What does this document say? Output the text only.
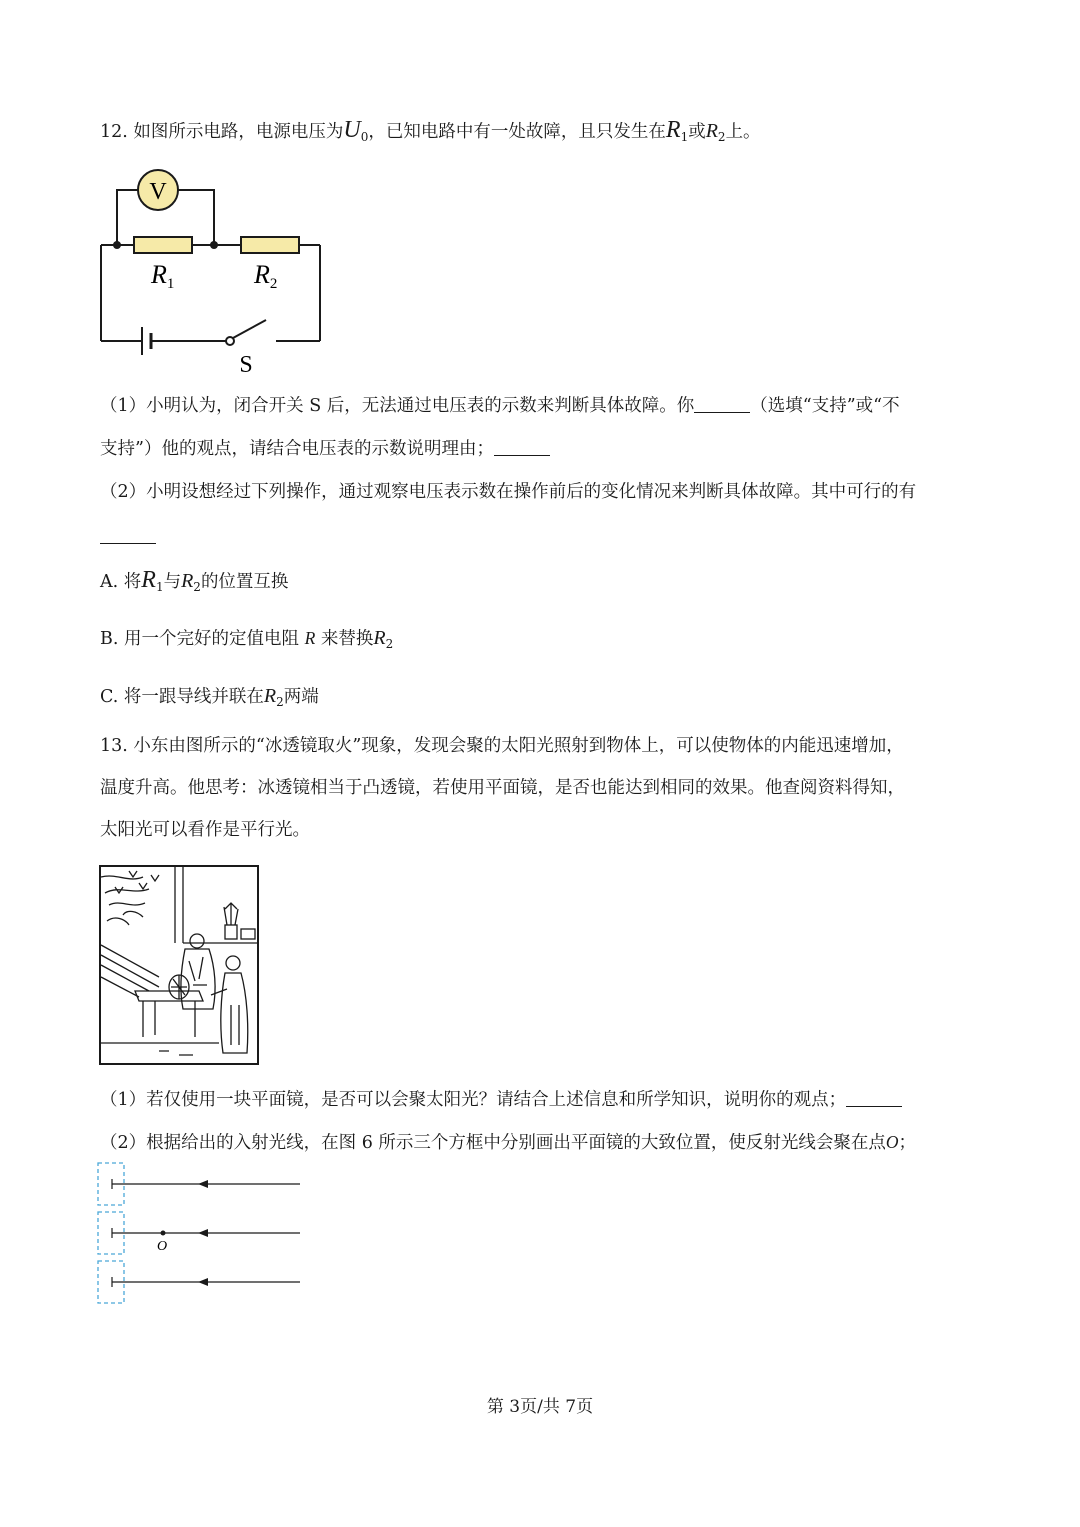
12. 如图所示电路，电源电压为$U_0$，已知电路中有一处故障，且只发生在$R_1$或$R_2$上。
V
R1	R2
S
（1）小明认为，闭合开关 S 后，无法通过电压表的示数来判断具体故障。你	（选填“支持”或“不
支持”）他的观点，请结合电压表的示数说明理由；
（2）小明设想经过下列操作，通过观察电压表示数在操作前后的变化情况来判断具体故障。其中可行的有
A. 将$R_1$与$R_2$的位置互换
B. 用一个完好的定值电阻 R 来替换$R_2$
C. 将一跟导线并联在$R_2$两端
13. 小东由图所示的“冰透镜取火”现象，发现会聚的太阳光照射到物体上，可以使物体的内能迅速增加，
温度升高。他思考：冰透镜相当于凸透镜，若使用平面镜，是否也能达到相同的效果。他查阅资料得知，
太阳光可以看作是平行光。
（1）若仅使用一块平面镜，是否可以会聚太阳光？请结合上述信息和所学知识，说明你的观点；
（2）根据给出的入射光线，在图 6 所示三个方框中分别画出平面镜的大致位置，使反射光线会聚在点O；
O
第 3页/共 7页
